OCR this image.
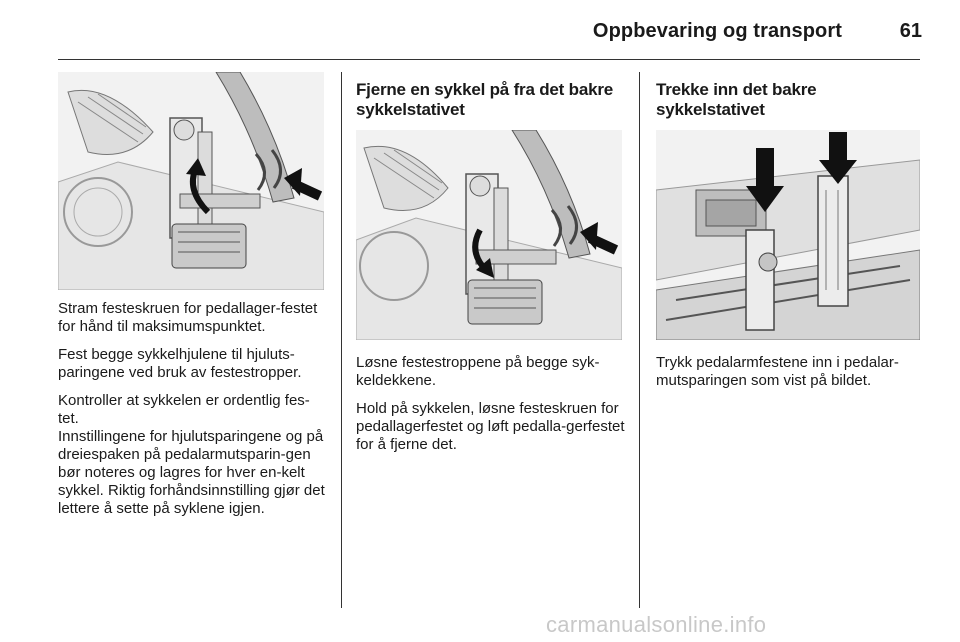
Oppbevaring og transport	61

Stram festeskruen for pedallager-festet for hånd til maksimumspunktet.

Fest begge sykkelhjulene til hjuluts-paringene ved bruk av festestropper.

Kontroller at sykkelen er ordentlig fes-tet.

Innstillingene for hjulutsparingene og på dreiespaken på pedalarmutsparin-gen bør noteres og lagres for hver en-kelt sykkel. Riktig forhåndsinnstilling gjør det lettere å sette på syklene igjen.

Fjerne en sykkel på fra det bakre sykkelstativet

Løsne festestroppene på begge syk-keldekkene.

Hold på sykkelen, løsne festeskruen for pedallagerfestet og løft pedalla-gerfestet for å fjerne det.

Trekke inn det bakre sykkelstativet

Trykk pedalarmfestene inn i pedalar-mutsparingen som vist på bildet.

carmanualsonline.info
